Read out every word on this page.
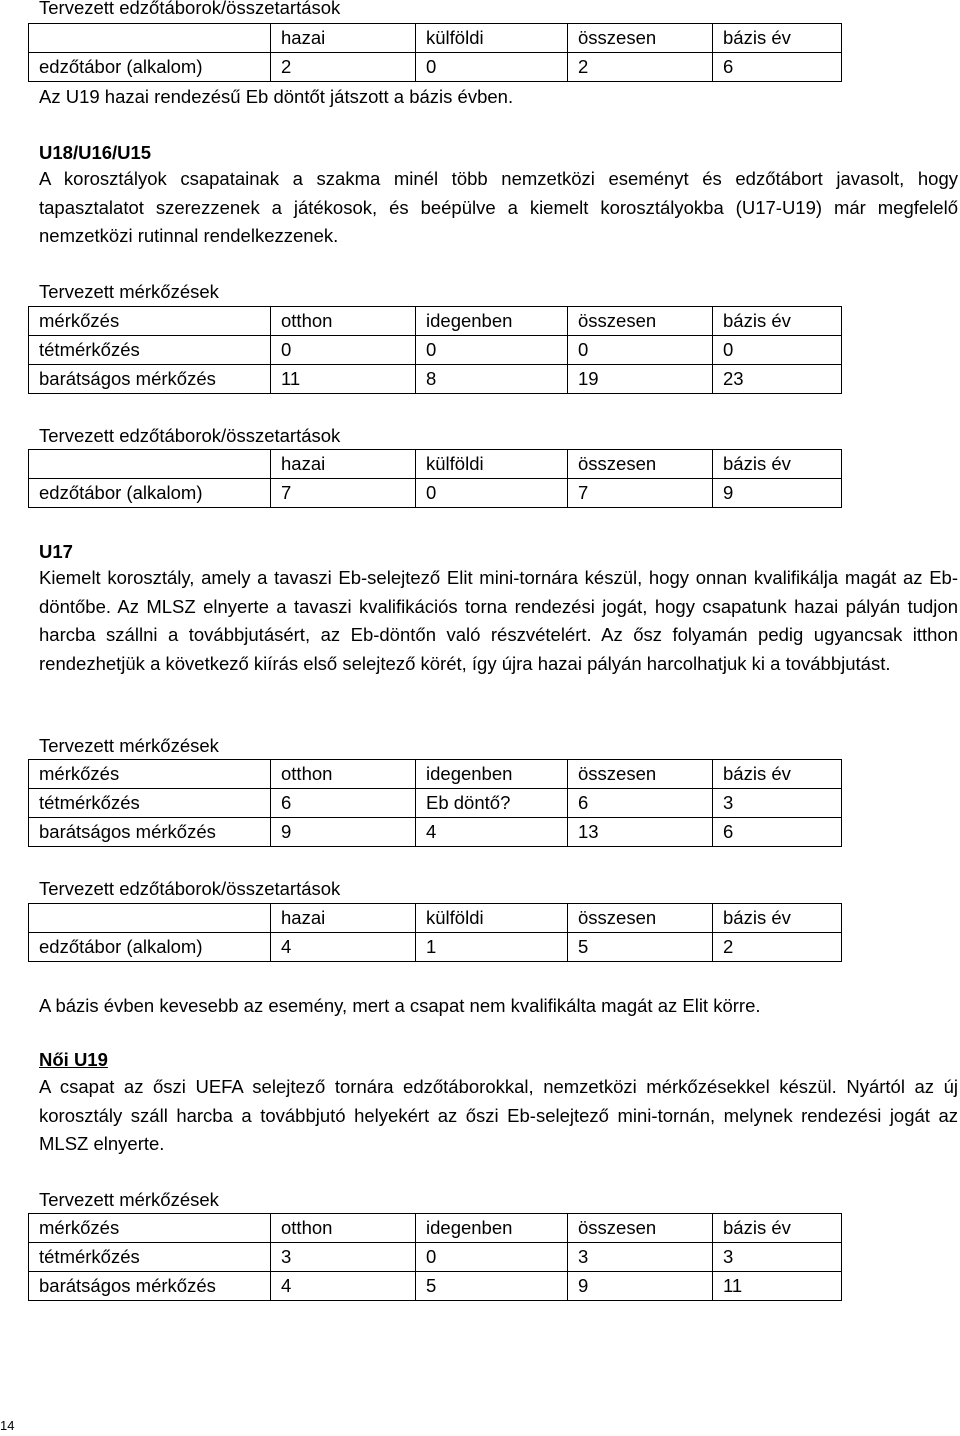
Tervezett edzőtáborok/összetartások
	hazai	külföldi	összesen	bázis év
edzőtábor (alkalom)	2	0	2	6
Az U19 hazai rendezésű Eb döntőt játszott a bázis évben.
U18/U16/U15
A korosztályok csapatainak a szakma minél több nemzetközi eseményt és edzőtábort javasolt, hogy tapasztalatot szerezzenek a játékosok, és beépülve a kiemelt korosztályokba (U17-U19) már megfelelő nemzetközi rutinnal rendelkezzenek.
Tervezett mérkőzések
mérkőzés	otthon	idegenben	összesen	bázis év
tétmérkőzés	0	0	0	0
barátságos mérkőzés	11	8	19	23
Tervezett edzőtáborok/összetartások
	hazai	külföldi	összesen	bázis év
edzőtábor (alkalom)	7	0	7	9
U17
Kiemelt korosztály, amely a tavaszi Eb-selejtező Elit mini-tornára készül, hogy onnan kvalifikálja magát az Eb-döntőbe. Az MLSZ elnyerte a tavaszi kvalifikációs torna rendezési jogát, hogy csapatunk hazai pályán tudjon harcba szállni a továbbjutásért, az Eb-döntőn való részvételért. Az ősz folyamán pedig ugyancsak itthon rendezhetjük a következő kiírás első selejtező körét, így újra hazai pályán harcolhatjuk ki a továbbjutást.
Tervezett mérkőzések
mérkőzés	otthon	idegenben	összesen	bázis év
tétmérkőzés	6	Eb döntő?	6	3
barátságos mérkőzés	9	4	13	6
Tervezett edzőtáborok/összetartások
	hazai	külföldi	összesen	bázis év
edzőtábor (alkalom)	4	1	5	2
A bázis évben kevesebb az esemény, mert a csapat nem kvalifikálta magát az Elit körre.
Női U19
A csapat az őszi UEFA selejtező tornára edzőtáborokkal, nemzetközi mérkőzésekkel készül. Nyártól az új korosztály száll harcba a továbbjutó helyekért az őszi Eb-selejtező mini-tornán, melynek rendezési jogát az MLSZ elnyerte.
Tervezett mérkőzések
mérkőzés	otthon	idegenben	összesen	bázis év
tétmérkőzés	3	0	3	3
barátságos mérkőzés	4	5	9	11
14
